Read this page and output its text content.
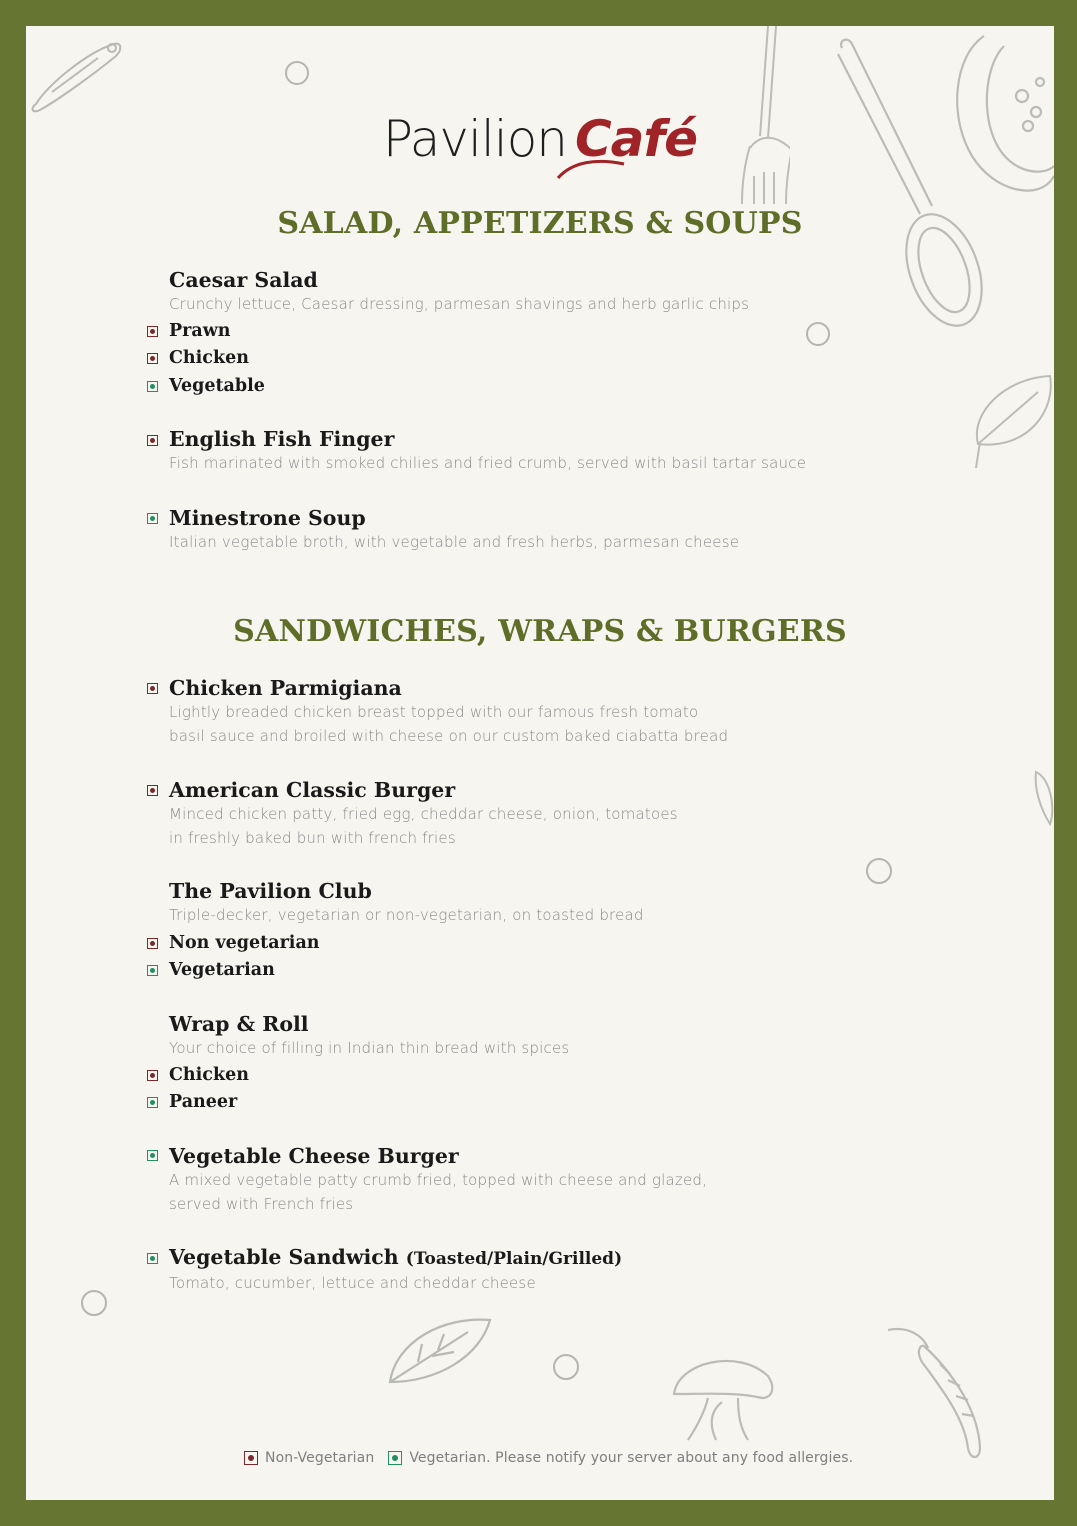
Pavilion Café
SALAD, APPETIZERS & SOUPS
Caesar Salad
Crunchy lettuce, Caesar dressing, parmesan shavings and herb garlic chips
Prawn
Chicken
Vegetable
English Fish Finger
Fish marinated with smoked chilies and fried crumb, served with basil tartar sauce
Minestrone Soup
Italian vegetable broth, with vegetable and fresh herbs, parmesan cheese
SANDWICHES, WRAPS & BURGERS
Chicken Parmigiana
Lightly breaded chicken breast topped with our famous fresh tomato
basil sauce and broiled with cheese on our custom baked ciabatta bread
American Classic Burger
Minced chicken patty, fried egg, cheddar cheese, onion, tomatoes
in freshly baked bun with french fries
The Pavilion Club
Triple-decker, vegetarian or non-vegetarian, on toasted bread
Non vegetarian
Vegetarian
Wrap & Roll
Your choice of filling in Indian thin bread with spices
Chicken
Paneer
Vegetable Cheese Burger
A mixed vegetable patty crumb fried, topped with cheese and glazed,
served with French fries
Vegetable Sandwich (Toasted/Plain/Grilled)
Tomato, cucumber, lettuce and cheddar cheese
Non-Vegetarian	Vegetarian. Please notify your server about any food allergies.
